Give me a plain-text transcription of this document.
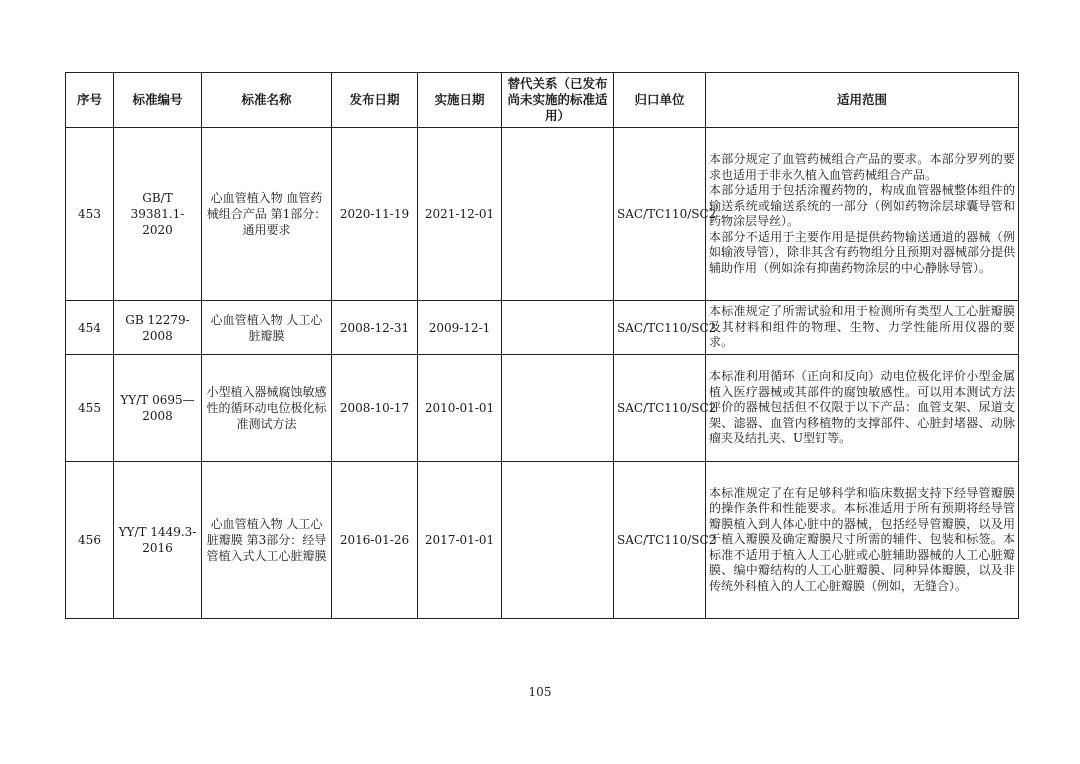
序号	标准编号	标准名称	发布日期	实施日期	替代关系（已发布尚未实施的标准适用）	归口单位	适用范围
453	GB/T 39381.1-2020	心血管植入物 血管药械组合产品 第1部分：通用要求	2020-11-19	2021-12-01		SAC/TC110/SC2	本部分规定了血管药械组合产品的要求。本部分罗列的要求也适用于非永久植入血管药械组合产品。

本部分适用于包括涂覆药物的，构成血管器械整体组件的输送系统或输送系统的一部分（例如药物涂层球囊导管和药物涂层导丝）。

本部分不适用于主要作用是提供药物输送通道的器械（例如输液导管），除非其含有药物组分且预期对器械部分提供辅助作用（例如涂有抑菌药物涂层的中心静脉导管）。

454	GB 12279-2008	心血管植入物 人工心脏瓣膜	2008-12-31	2009-12-1		SAC/TC110/SC2	本标准规定了所需试验和用于检测所有类型人工心脏瓣膜及其材料和组件的物理、生物、力学性能所用仪器的要求。

455	YY/T 0695—2008	小型植入器械腐蚀敏感性的循环动电位极化标准测试方法	2008-10-17	2010-01-01		SAC/TC110/SC2	本标准利用循环（正向和反向）动电位极化评价小型金属植入医疗器械或其部件的腐蚀敏感性。可以用本测试方法评价的器械包括但不仅限于以下产品：血管支架、尿道支架、滤器、血管内移植物的支撑部件、心脏封堵器、动脉瘤夹及结扎夹、U型钉等。

456	YY/T 1449.3-2016	心血管植入物 人工心脏瓣膜 第3部分：经导管植入式人工心脏瓣膜	2016-01-26	2017-01-01		SAC/TC110/SC2	本标准规定了在有足够科学和临床数据支持下经导管瓣膜的操作条件和性能要求。本标准适用于所有预期将经导管瓣膜植入到人体心脏中的器械，包括经导管瓣膜，以及用于植入瓣膜及确定瓣膜尺寸所需的辅件、包装和标签。本标准不适用于植入人工心脏或心脏辅助器械的人工心脏瓣膜、编中瓣结构的人工心脏瓣膜、同种异体瓣膜，以及非传统外科植入的人工心脏瓣膜（例如，无缝合）。

105
